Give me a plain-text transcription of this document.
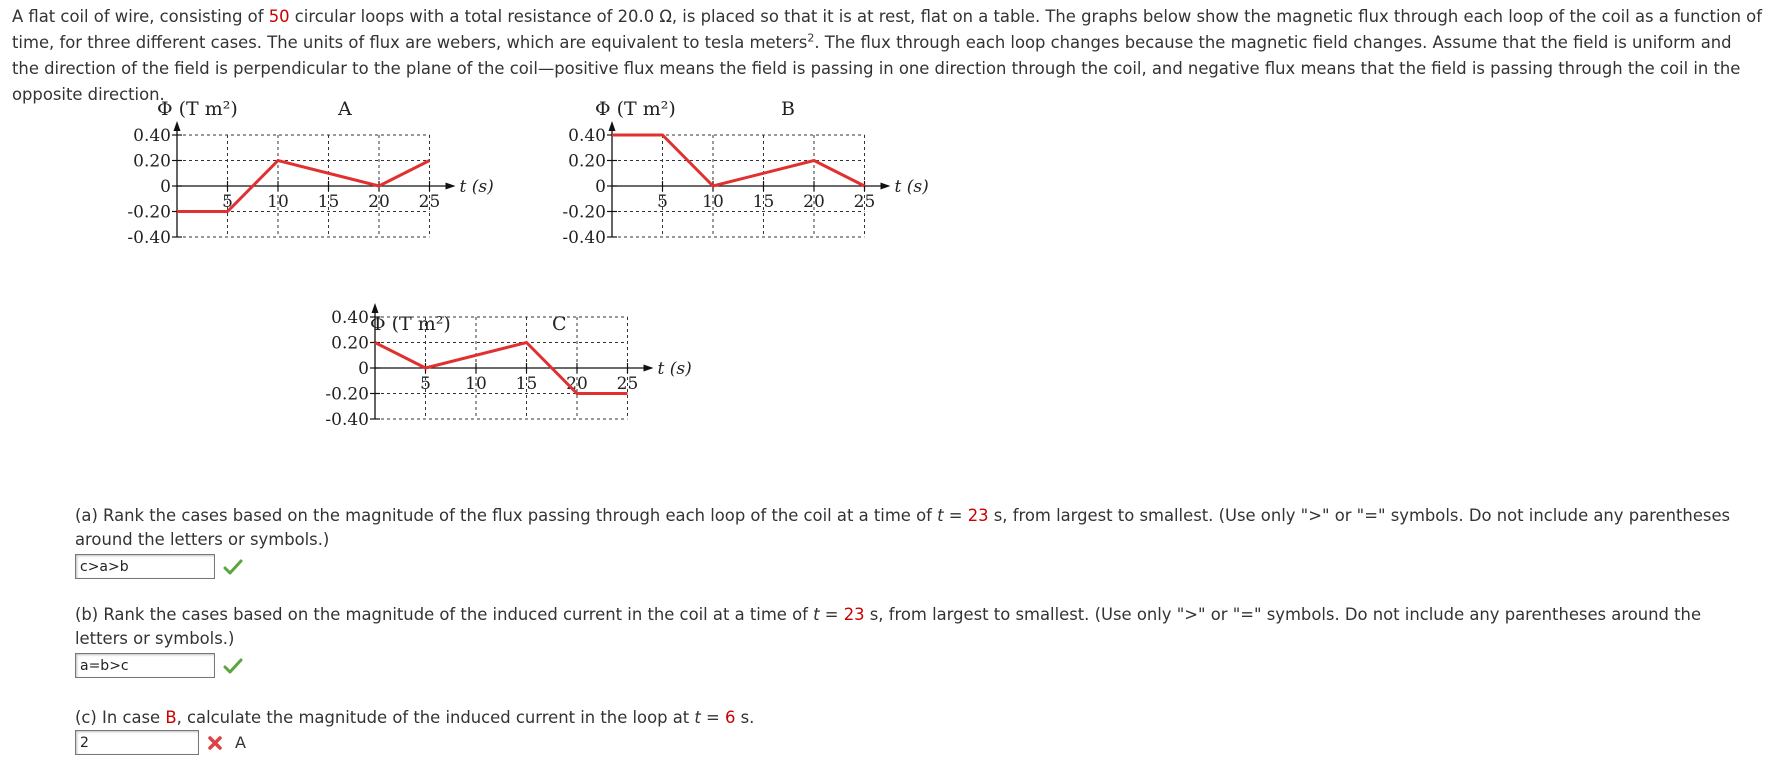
A flat coil of wire, consisting of 50 circular loops with a total resistance of 20.0 Ω, is placed so that it is at rest, flat on a table. The graphs below show the magnetic flux through each loop of the coil as a function of time, for three different cases. The units of flux are webers, which are equivalent to tesla meters$^2$. The flux through each loop changes because the magnetic field changes. Assume that the field is uniform and the direction of the field is perpendicular to the plane of the coil—positive flux means the field is passing in one direction through the coil, and negative flux means that the field is passing through the coil in the opposite direction.
Φ (T m²)	A
0.40
0.20
0
-0.20
-0.40
5 10 15 20 25
t (s)
Φ (T m²)	B
0.40
0.20
0
-0.20
-0.40
5 10 15 20 25
t (s)
Φ (T m²)	C
0.40
0.20
0
-0.20
-0.40
5 10 15 20 25
t (s)
(a) Rank the cases based on the magnitude of the flux passing through each loop of the coil at a time of t = 23 s, from largest to smallest. (Use only ">" or "=" symbols. Do not include any parentheses around the letters or symbols.)
c>a>b
(b) Rank the cases based on the magnitude of the induced current in the coil at a time of t = 23 s, from largest to smallest. (Use only ">" or "=" symbols. Do not include any parentheses around the letters or symbols.)
a=b>c
(c) In case B, calculate the magnitude of the induced current in the loop at t = 6 s.
2
A
